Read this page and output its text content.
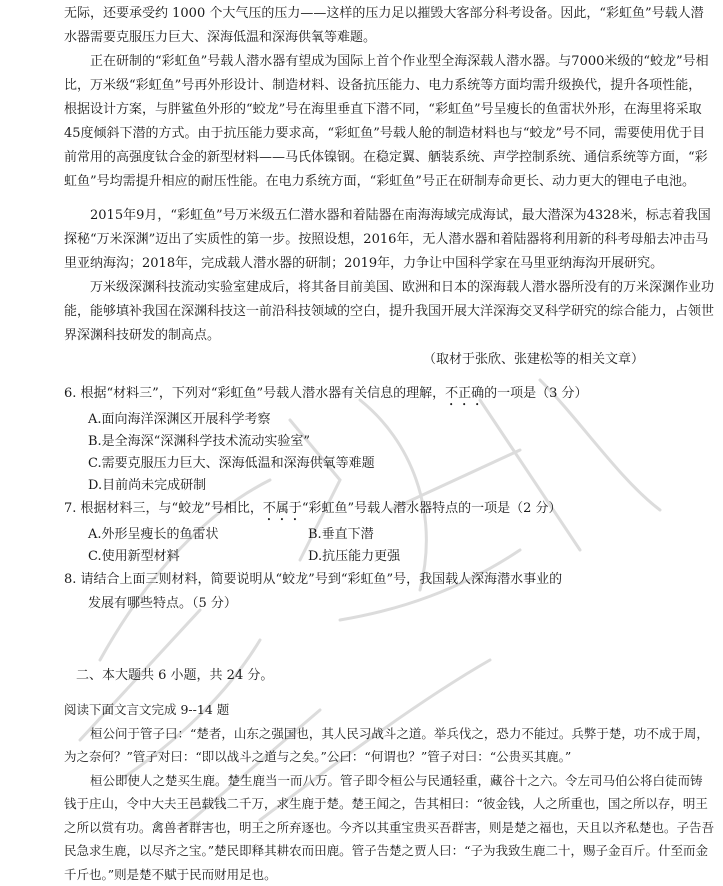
无际，还要承受约 1000 个大气压的压力——这样的压力足以摧毁大客部分科考设备。因此，“彩虹鱼”号载人潜水器需要克服压力巨大、深海低温和深海供氧等难题。

正在研制的“彩虹鱼”号载人潜水器有望成为国际上首个作业型全海深载人潜水器。与7000米级的“蛟龙”号相比，万米级“彩虹鱼”号再外形设计、制造材料、设备抗压能力、电力系统等方面均需升级换代，提升各项性能，根据设计方案，与胖鲨鱼外形的“蛟龙”号在海里垂直下潜不同，“彩虹鱼”号呈瘦长的鱼雷状外形，在海里将采取45度倾斜下潜的方式。由于抗压能力要求高，“彩虹鱼”号载人舱的制造材料也与“蛟龙”号不同，需要使用优于目前常用的高强度钛合金的新型材料——马氏体镍钢。在稳定翼、舾装系统、声学控制系统、通信系统等方面，“彩虹鱼”号均需提升相应的耐压性能。在电力系统方面，“彩虹鱼”号正在研制寿命更长、动力更大的锂电子电池。

2015年9月，“彩虹鱼”号万米级五仁潜水器和着陆器在南海海域完成海试，最大潜深为4328米，标志着我国探秘“万米深渊”迈出了实质性的第一步。按照设想，2016年，无人潜水器和着陆器将利用新的科考母船去冲击马里亚纳海沟；2018年，完成载人潜水器的研制；2019年，力争让中国科学家在马里亚纳海沟开展研究。

万米级深渊科技流动实验室建成后，将其备目前美国、欧洲和日本的深海载人潜水器所没有的万米深渊作业功能，能够填补我国在深渊科技这一前沿科技领域的空白，提升我国开展大洋深海交叉科学研究的综合能力，占领世界深渊科技研发的制高点。

（取材于张欣、张建松等的相关文章）

6. 根据“材料三”，下列对“彩虹鱼”号载人潜水器有关信息的理解，不正确的一项是（3 分）
A.面向海洋深渊区开展科学考察
B.是全海深“深渊科学技术流动实验室”
C.需要克服压力巨大、深海低温和深海供氧等难题
D.目前尚未完成研制
7. 根据材料三，与“蛟龙”号相比，不属于“彩虹鱼”号载人潜水器特点的一项是（2 分）
A.外形呈瘦长的鱼雷状	B.垂直下潜
C.使用新型材料	D.抗压能力更强
8. 请结合上面三则材料，简要说明从“蛟龙”号到“彩虹鱼”号，我国载人深海潜水事业的
发展有哪些特点。（5 分）
二、本大题共 6 小题，共 24 分。

阅读下面文言文完成 9--14 题

桓公问于管子曰：“楚者，山东之强国也，其人民习战斗之道。举兵伐之，恐力不能过。兵弊于楚，功不成于周，为之奈何？”管子对曰：“即以战斗之道与之矣。”公曰：“何谓也？”管子对曰：“公贵买其鹿。”

桓公即使人之楚买生鹿。楚生鹿当一而八万。管子即令桓公与民通轻重，藏谷十之六。令左司马伯公将白徒而铸钱于庄山，令中大夫王邑载钱二千万，求生鹿于楚。楚王闻之，告其相曰：“彼金钱，人之所重也，国之所以存，明王之所以赏有功。禽兽者群害也，明王之所弃逐也。今齐以其重宝贵买吾群害，则是楚之福也，天且以齐私楚也。子告吾民急求生鹿，以尽齐之宝。”楚民即释其耕农而田鹿。管子告楚之贾人曰：“子为我致生鹿二十，赐子金百斤。什至而金千斤也。”则是楚不赋于民而财用足也。
